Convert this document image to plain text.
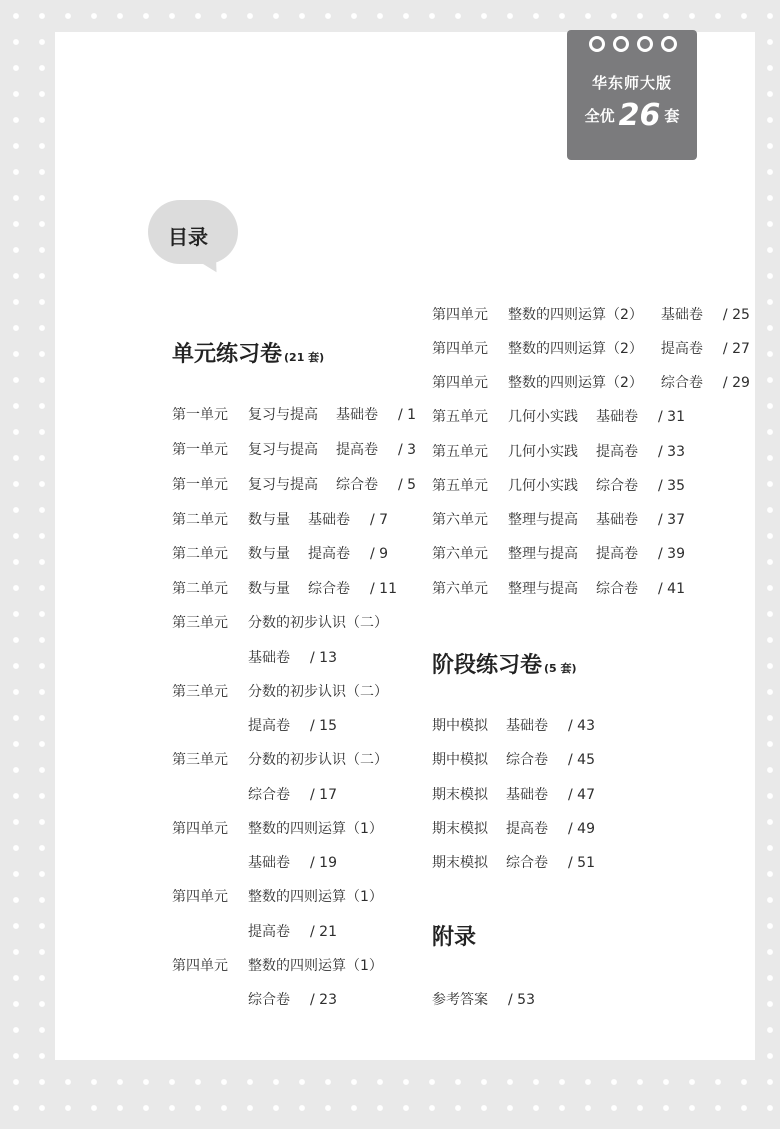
华东师大版
全优 26 套
目录
单元练习卷 (21 套)
阶段练习卷 (5 套)
附录
第一单元 复习与提高 基础卷 / 1
第一单元 复习与提高 提高卷 / 3
第一单元 复习与提高 综合卷 / 5
第二单元 数与量 基础卷 / 7
第二单元 数与量 提高卷 / 9
第二单元 数与量 综合卷 / 11
第三单元 分数的初步认识（二）
基础卷 / 13
第三单元 分数的初步认识（二）
提高卷 / 15
第三单元 分数的初步认识（二）
综合卷 / 17
第四单元 整数的四则运算（1）
基础卷 / 19
第四单元 整数的四则运算（1）
提高卷 / 21
第四单元 整数的四则运算（1）
综合卷 / 23
第四单元 整数的四则运算（2） 基础卷 / 25
第四单元 整数的四则运算（2） 提高卷 / 27
第四单元 整数的四则运算（2） 综合卷 / 29
第五单元 几何小实践 基础卷 / 31
第五单元 几何小实践 提高卷 / 33
第五单元 几何小实践 综合卷 / 35
第六单元 整理与提高 基础卷 / 37
第六单元 整理与提高 提高卷 / 39
第六单元 整理与提高 综合卷 / 41
期中模拟 基础卷 / 43
期中模拟 综合卷 / 45
期末模拟 基础卷 / 47
期末模拟 提高卷 / 49
期末模拟 综合卷 / 51
参考答案 / 53
